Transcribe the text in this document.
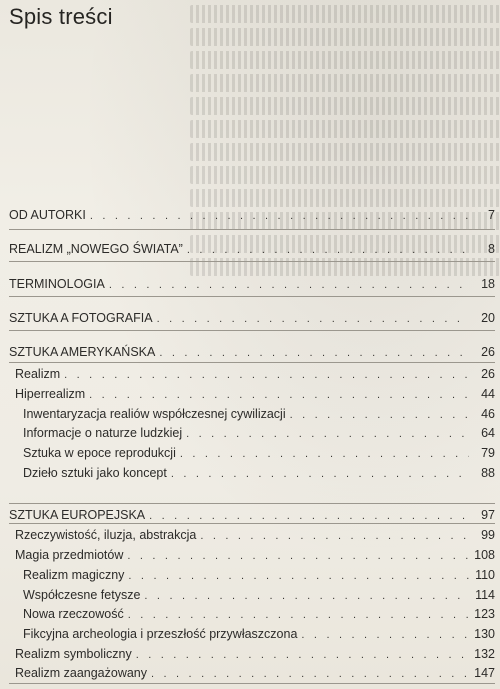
Spis treści
OD AUTORKI . . .	7
REALIZM „NOWEGO ŚWIATA” . . .	8
TERMINOLOGIA . . .	18
SZTUKA A FOTOGRAFIA . . .	20
SZTUKA AMERYKAŃSKA . . .	26
Realizm . . .	26
Hiperrealizm . . .	44
Inwentaryzacja realiów współczesnej cywilizacji . . .	46
Informacje o naturze ludzkiej . . .	64
Sztuka w epoce reprodukcji . . .	79
Dzieło sztuki jako koncept . . .	88
SZTUKA EUROPEJSKA . . .	97
Rzeczywistość, iluzja, abstrakcja . . .	99
Magia przedmiotów . . .	108
Realizm magiczny . . .	110
Współczesne fetysze . . .	114
Nowa rzeczowość . . .	123
Fikcyjna archeologia i przeszłość przywłaszczona . . .	130
Realizm symboliczny . . .	132
Realizm zaangażowany . . .	147
